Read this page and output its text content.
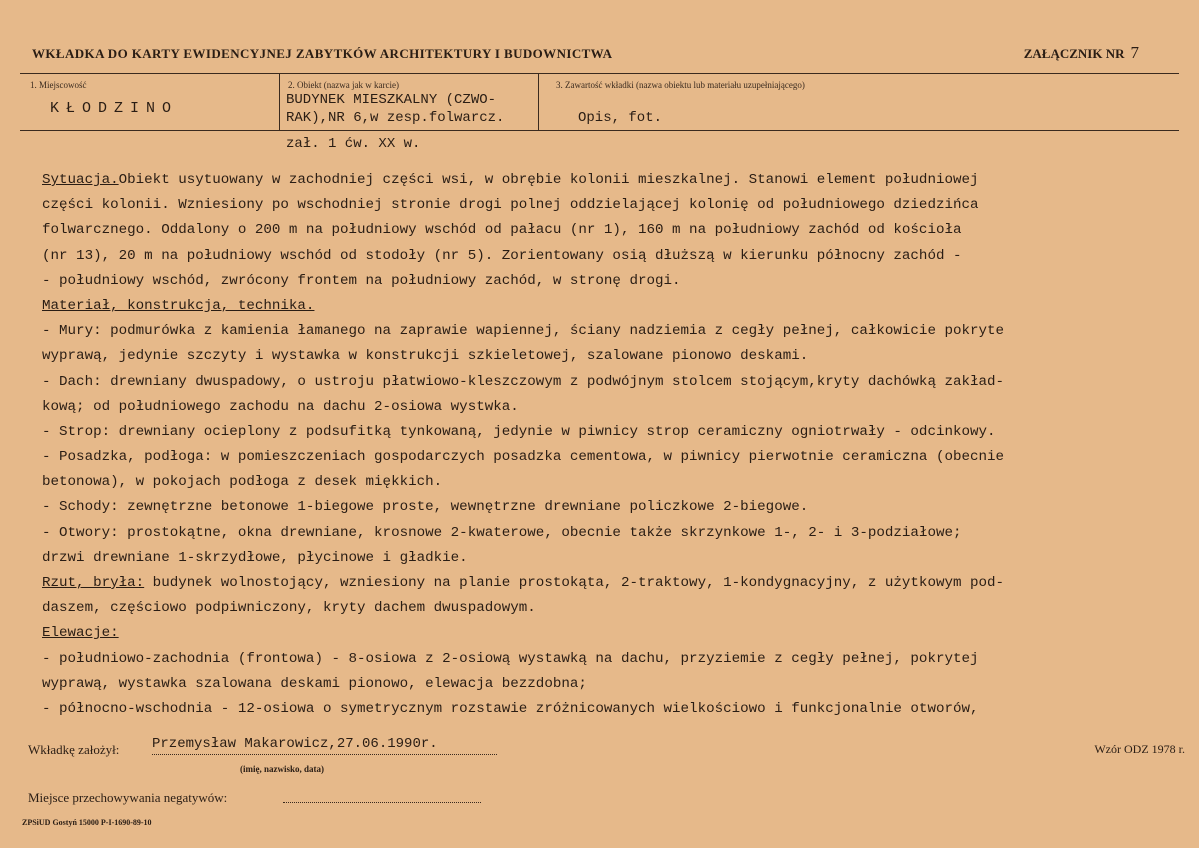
WKŁADKA DO KARTY EWIDENCYJNEJ ZABYTKÓW ARCHITEKTURY I BUDOWNICTWA	ZAŁĄCZNIK NR 7
1. Miejscowość
KŁODZINO
2. Obiekt (nazwa jak w karcie)
BUDYNEK MIESZKALNY (CZWO-
RAK),NR 6,w zesp.folwarcz.
3. Zawartość wkładki (nazwa obiektu lub materiału uzupełniającego)
Opis, fot.
zał. 1 ćw. XX w.
Sytuacja.Obiekt usytuowany w zachodniej części wsi, w obrębie kolonii mieszkalnej. Stanowi element południowej
części kolonii. Wzniesiony po wschodniej stronie drogi polnej oddzielającej kolonię od południowego dziedzińca
folwarcznego. Oddalony o 200 m na południowy wschód od pałacu (nr 1), 160 m na południowy zachód od kościoła
(nr 13), 20 m na południowy wschód od stodoły (nr 5). Zorientowany osią dłuższą w kierunku północny zachód -
- południowy wschód, zwrócony frontem na południowy zachód, w stronę drogi.
Materiał, konstrukcja, technika.
- Mury: podmurówka z kamienia łamanego na zaprawie wapiennej, ściany nadziemia z cegły pełnej, całkowicie pokryte
wyprawą, jedynie szczyty i wystawka w konstrukcji szkieletowej, szalowane pionowo deskami.
- Dach: drewniany dwuspadowy, o ustroju płatwiowo-kleszczowym z podwójnym stolcem stojącym,kryty dachówką zakład-
kową; od południowego zachodu na dachu 2-osiowa wystwka.
- Strop: drewniany ocieplony z podsufitką tynkowaną, jedynie w piwnicy strop ceramiczny ogniotrwały - odcinkowy.
- Posadzka, podłoga: w pomieszczeniach gospodarczych posadzka cementowa, w piwnicy pierwotnie ceramiczna (obecnie
betonowa), w pokojach podłoga z desek miękkich.
- Schody: zewnętrzne betonowe 1-biegowe proste, wewnętrzne drewniane policzkowe 2-biegowe.
- Otwory: prostokątne, okna drewniane, krosnowe 2-kwaterowe, obecnie także skrzynkowe 1-, 2- i 3-podziałowe;
drzwi drewniane 1-skrzydłowe, płycinowe i gładkie.
Rzut, bryła: budynek wolnostojący, wzniesiony na planie prostokąta, 2-traktowy, 1-kondygnacyjny, z użytkowym pod-
daszem, częściowo podpiwniczony, kryty dachem dwuspadowym.
Elewacje:
- południowo-zachodnia (frontowa) - 8-osiowa z 2-osiową wystawką na dachu, przyziemie z cegły pełnej, pokrytej
wyprawą, wystawka szalowana deskami pionowo, elewacja bezzdobna;
- północno-wschodnia - 12-osiowa o symetrycznym rozstawie zróżnicowanych wielkościowo i funkcjonalnie otworów,
Wkładkę założył: Przemysław Makarowicz,27.06.1990r.
(imię, nazwisko, data)
Wzór ODZ 1978 r.
Miejsce przechowywania negatywów:
ZPSiUD Gostyń 15000 P-I-1690-89-10
